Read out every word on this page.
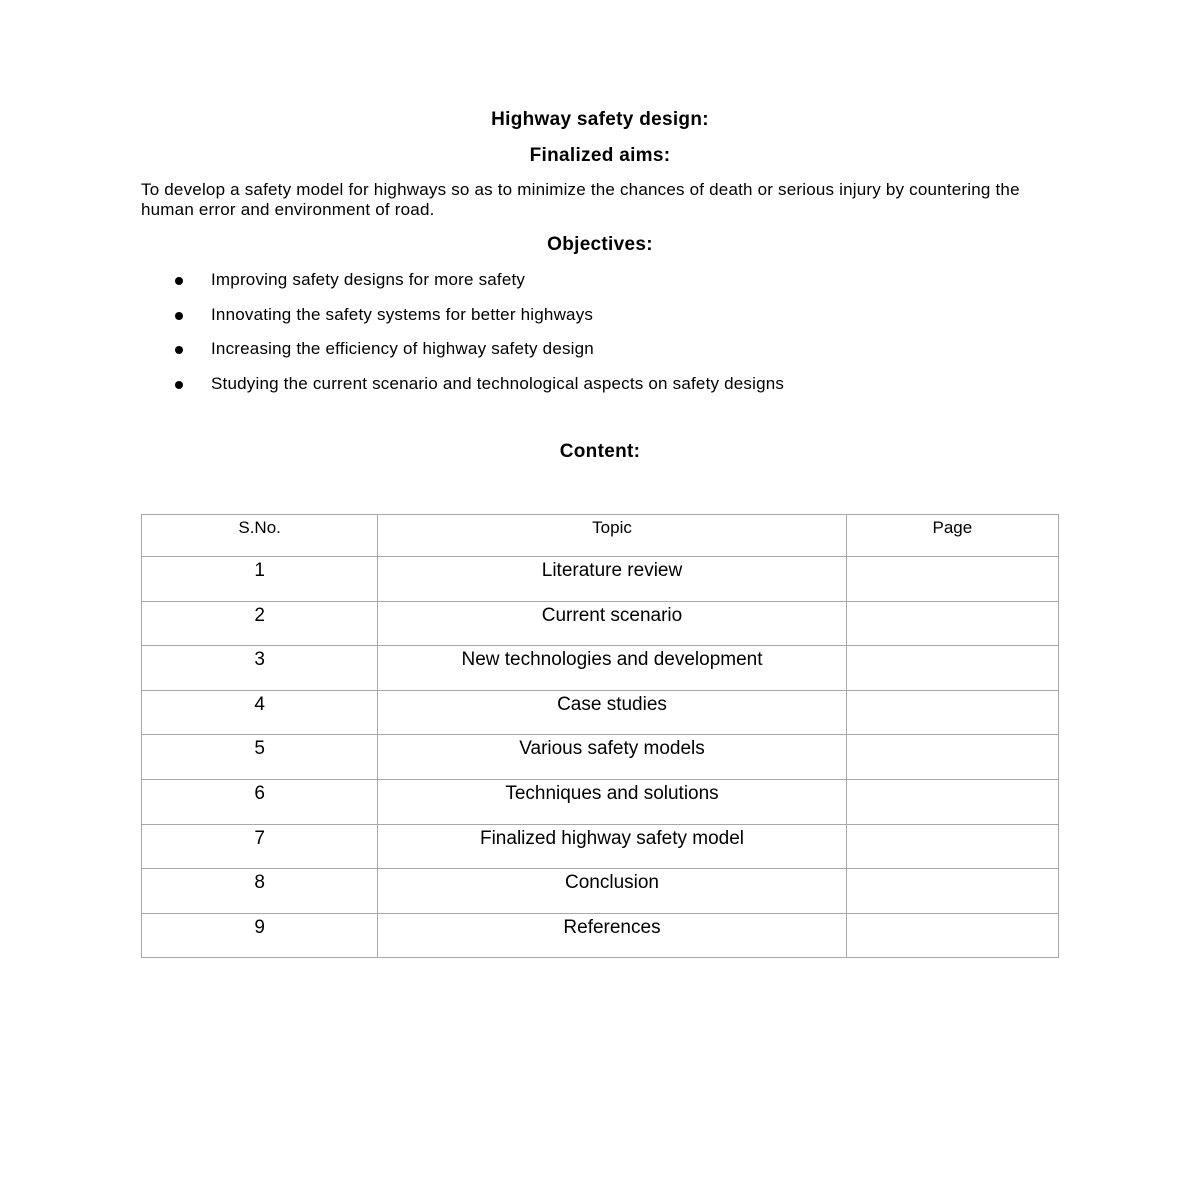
Highway safety design:
Finalized aims:

To develop a safety model for highways so as to minimize the chances of death or serious injury by countering the human error and environment of road.

Objectives:
Improving safety designs for more safety
Innovating the safety systems for better highways
Increasing the efficiency of highway safety design
Studying the current scenario and technological aspects on safety designs
Content:
S.No.	Topic	Page
1	Literature review	
2	Current scenario	
3	New technologies and development	
4	Case studies	
5	Various safety models	
6	Techniques and solutions	
7	Finalized highway safety model	
8	Conclusion	
9	References	
